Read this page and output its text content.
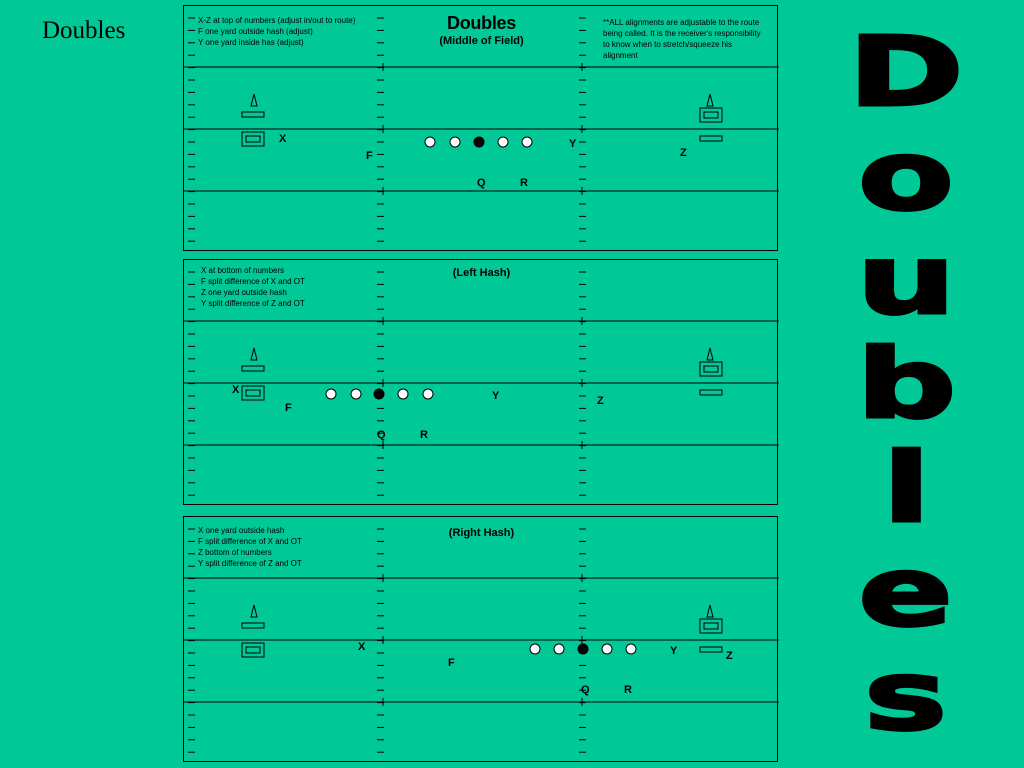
Doubles	D
o
u
b
l
e
s
X-Z at top of numbers (adjust in/out to route)
F one yard outside hash (adjust)
Y one yard inside has (adjust)
**ALL alignments are adjustable to the route being called. It is the receiver's responsibility to know when to stretch/squeeze his alignment
Doubles
(Middle of Field)
X
F
Y
Z
Q	R
X at bottom of numbers
F split difference of X and OT
Z one yard outside hash
Y split difference of Z and OT
(Left Hash)
X
F
Y	Z
Q	R
X one yard outside hash
F split difference of X and OT
Z bottom of numbers
Y split difference of Z and OT
(Right Hash)
X
F
Y	Z
Q	R
